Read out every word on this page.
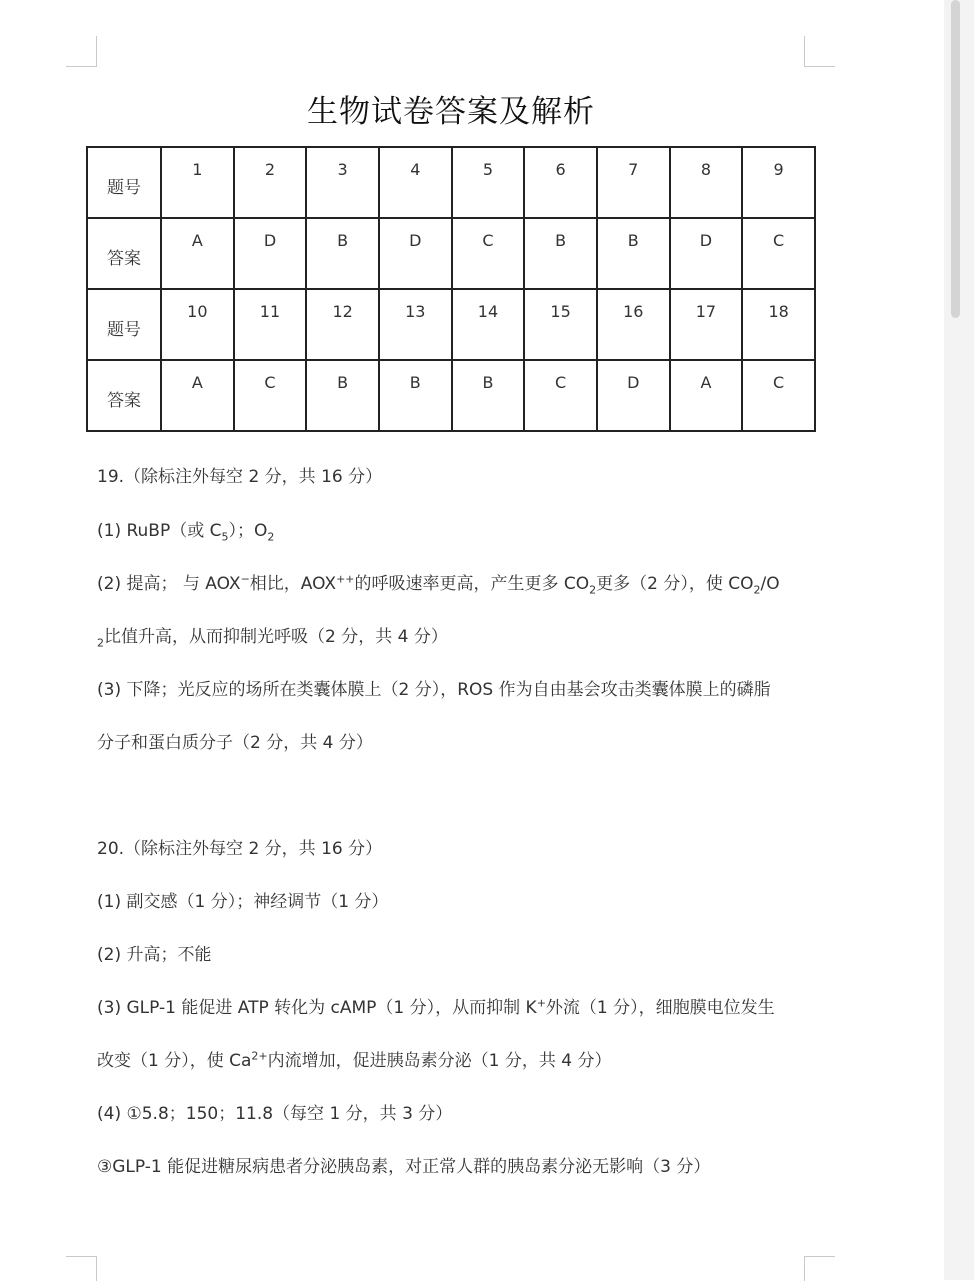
生物试卷答案及解析
题号	1	2	3	4	5	6	7	8	9
答案	A	D	B	D	C	B	B	D	C
题号	10	11	12	13	14	15	16	17	18
答案	A	C	B	B	B	C	D	A	C
19.（除标注外每空 2 分，共 16 分）
(1) RuBP（或 $C_5$）；$O_2$
(2) 提高； 与 AOX−相比，AOX++的呼吸速率更高，产生更多 $CO_2$更多（2 分），使 $CO_2/O$
$_2$比值升高，从而抑制光呼吸（2 分，共 4 分）
(3) 下降；光反应的场所在类囊体膜上（2 分），ROS 作为自由基会攻击类囊体膜上的磷脂
分子和蛋白质分子（2 分，共 4 分）
20.（除标注外每空 2 分，共 16 分）
(1) 副交感（1 分）；神经调节（1 分）
(2) 升高；不能
(3) GLP-1 能促进 ATP 转化为 cAMP（1 分），从而抑制 K+外流（1 分），细胞膜电位发生
改变（1 分），使 $Ca^{2+}$内流增加，促进胰岛素分泌（1 分，共 4 分）
(4) ①5.8；150；11.8（每空 1 分，共 3 分）
③GLP-1 能促进糖尿病患者分泌胰岛素，对正常人群的胰岛素分泌无影响（3 分）
